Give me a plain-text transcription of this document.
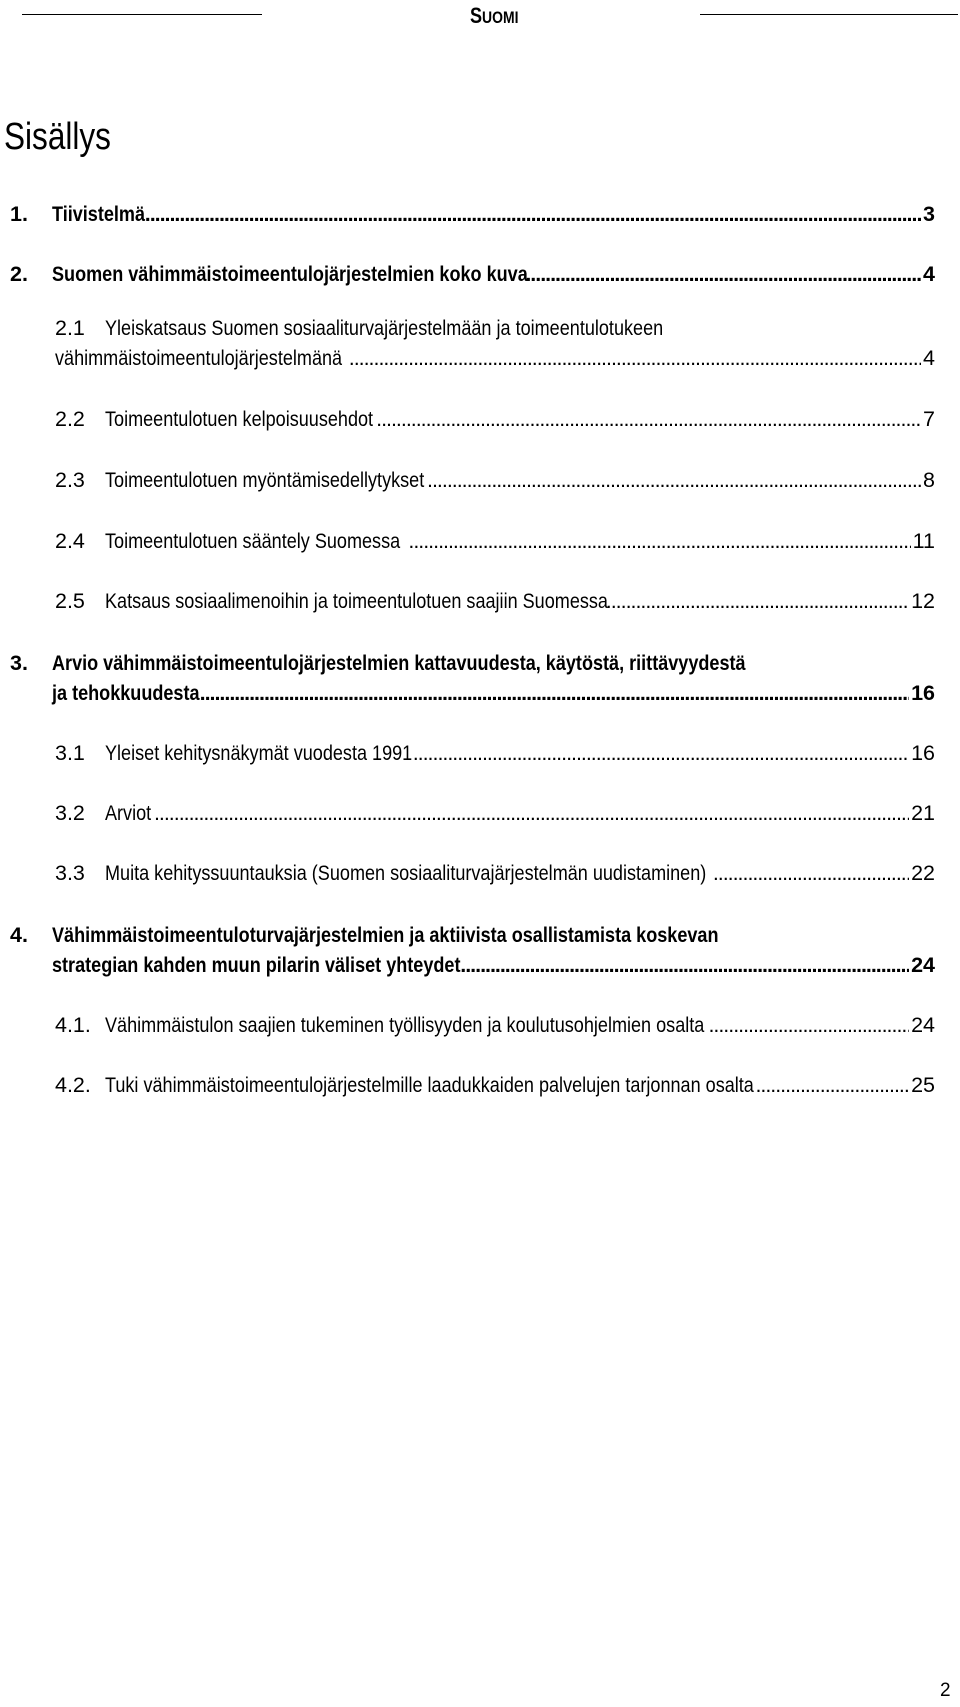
SUOMI
Sisällys
1.	Tiivistelmä . . .	3
2.	Suomen vähimmäistoimeentulojärjestelmien koko kuva . . .	4
2.1 Yleiskatsaus Suomen sosiaaliturvajärjestelmään ja toimeentulotukeen
vähimmäistoimeentulojärjestelmänä . . .	4
2.2 Toimeentulotuen kelpoisuusehdot . . .	7
2.3 Toimeentulotuen myöntämisedellytykset . . .	8
2.4 Toimeentulotuen sääntely Suomessa . . .	11
2.5 Katsaus sosiaalimenoihin ja toimeentulotuen saajiin Suomessa . . .	12
3.	Arvio vähimmäistoimeentulojärjestelmien kattavuudesta, käytöstä, riittävyydestä
ja tehokkuudesta . . .	16
3.1 Yleiset kehitysnäkymät vuodesta 1991 . . .	16
3.2 Arviot . . .	21
3.3 Muita kehityssuuntauksia (Suomen sosiaaliturvajärjestelmän uudistaminen) . . .	22
4.	Vähimmäistoimeentuloturvajärjestelmien ja aktiivista osallistamista koskevan
strategian kahden muun pilarin väliset yhteydet . . .	24
4.1. Vähimmäistulon saajien tukeminen työllisyyden ja koulutusohjelmien osalta . . .	24
4.2. Tuki vähimmäistoimeentulojärjestelmille laadukkaiden palvelujen tarjonnan osalta . . .	25
2
